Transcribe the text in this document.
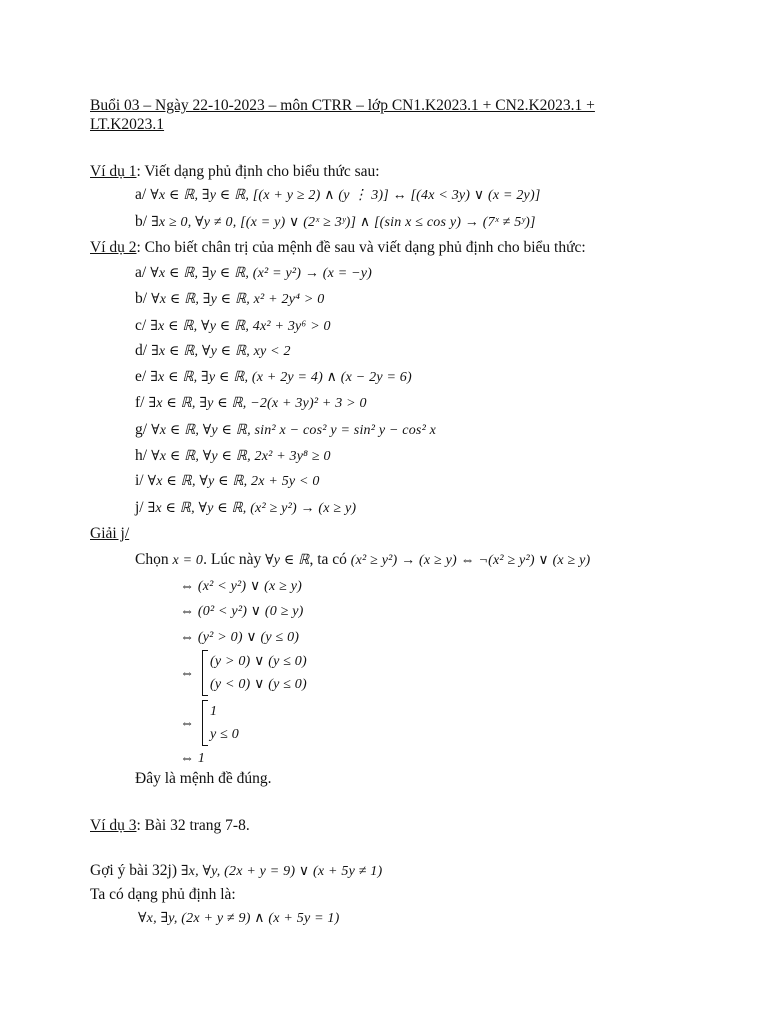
Buổi 03 – Ngày 22-10-2023 – môn CTRR – lớp CN1.K2023.1 + CN2.K2023.1 +
LT.K2023.1
Ví dụ 1: Viết dạng phủ định cho biểu thức sau:
a/ ∀x ∈ ℝ, ∃y ∈ ℝ, [(x + y ≥ 2) ∧ (y ⋮ 3)] ↔ [(4x < 3y) ∨ (x = 2y)]
b/ ∃x ≥ 0, ∀y ≠ 0, [(x = y) ∨ (2ˣ ≥ 3ʸ)] ∧ [(sin x ≤ cos y) → (7ˣ ≠ 5ʸ)]
Ví dụ 2: Cho biết chân trị của mệnh đề sau và viết dạng phủ định cho biểu thức:
a/ ∀x ∈ ℝ, ∃y ∈ ℝ, (x² = y²) → (x = −y)
b/ ∀x ∈ ℝ, ∃y ∈ ℝ, x² + 2y⁴ > 0
c/ ∃x ∈ ℝ, ∀y ∈ ℝ, 4x² + 3y⁶ > 0
d/ ∃x ∈ ℝ, ∀y ∈ ℝ, xy < 2
e/ ∃x ∈ ℝ, ∃y ∈ ℝ, (x + 2y = 4) ∧ (x − 2y = 6)
f/ ∃x ∈ ℝ, ∃y ∈ ℝ, −2(x + 3y)² + 3 > 0
g/ ∀x ∈ ℝ, ∀y ∈ ℝ, sin² x − cos² y = sin² y − cos² x
h/ ∀x ∈ ℝ, ∀y ∈ ℝ, 2x² + 3y⁸ ≥ 0
i/ ∀x ∈ ℝ, ∀y ∈ ℝ, 2x + 5y < 0
j/ ∃x ∈ ℝ, ∀y ∈ ℝ, (x² ≥ y²) → (x ≥ y)
Giải j/
Chọn x = 0. Lúc này ∀y ∈ ℝ, ta có (x² ≥ y²) → (x ≥ y) ⇔ ¬(x² ≥ y²) ∨ (x ≥ y)
⇔ (x² < y²) ∨ (x ≥ y)
⇔ (0² < y²) ∨ (0 ≥ y)
⇔ (y² > 0) ∨ (y ≤ 0)
⇔
(y > 0) ∨ (y ≤ 0)
(y < 0) ∨ (y ≤ 0)
⇔
1
y ≤ 0
⇔ 1
Đây là mệnh đề đúng.
Ví dụ 3: Bài 32 trang 7-8.
Gợi ý bài 32j) ∃x, ∀y, (2x + y = 9) ∨ (x + 5y ≠ 1)
Ta có dạng phủ định là:
∀x, ∃y, (2x + y ≠ 9) ∧ (x + 5y = 1)
